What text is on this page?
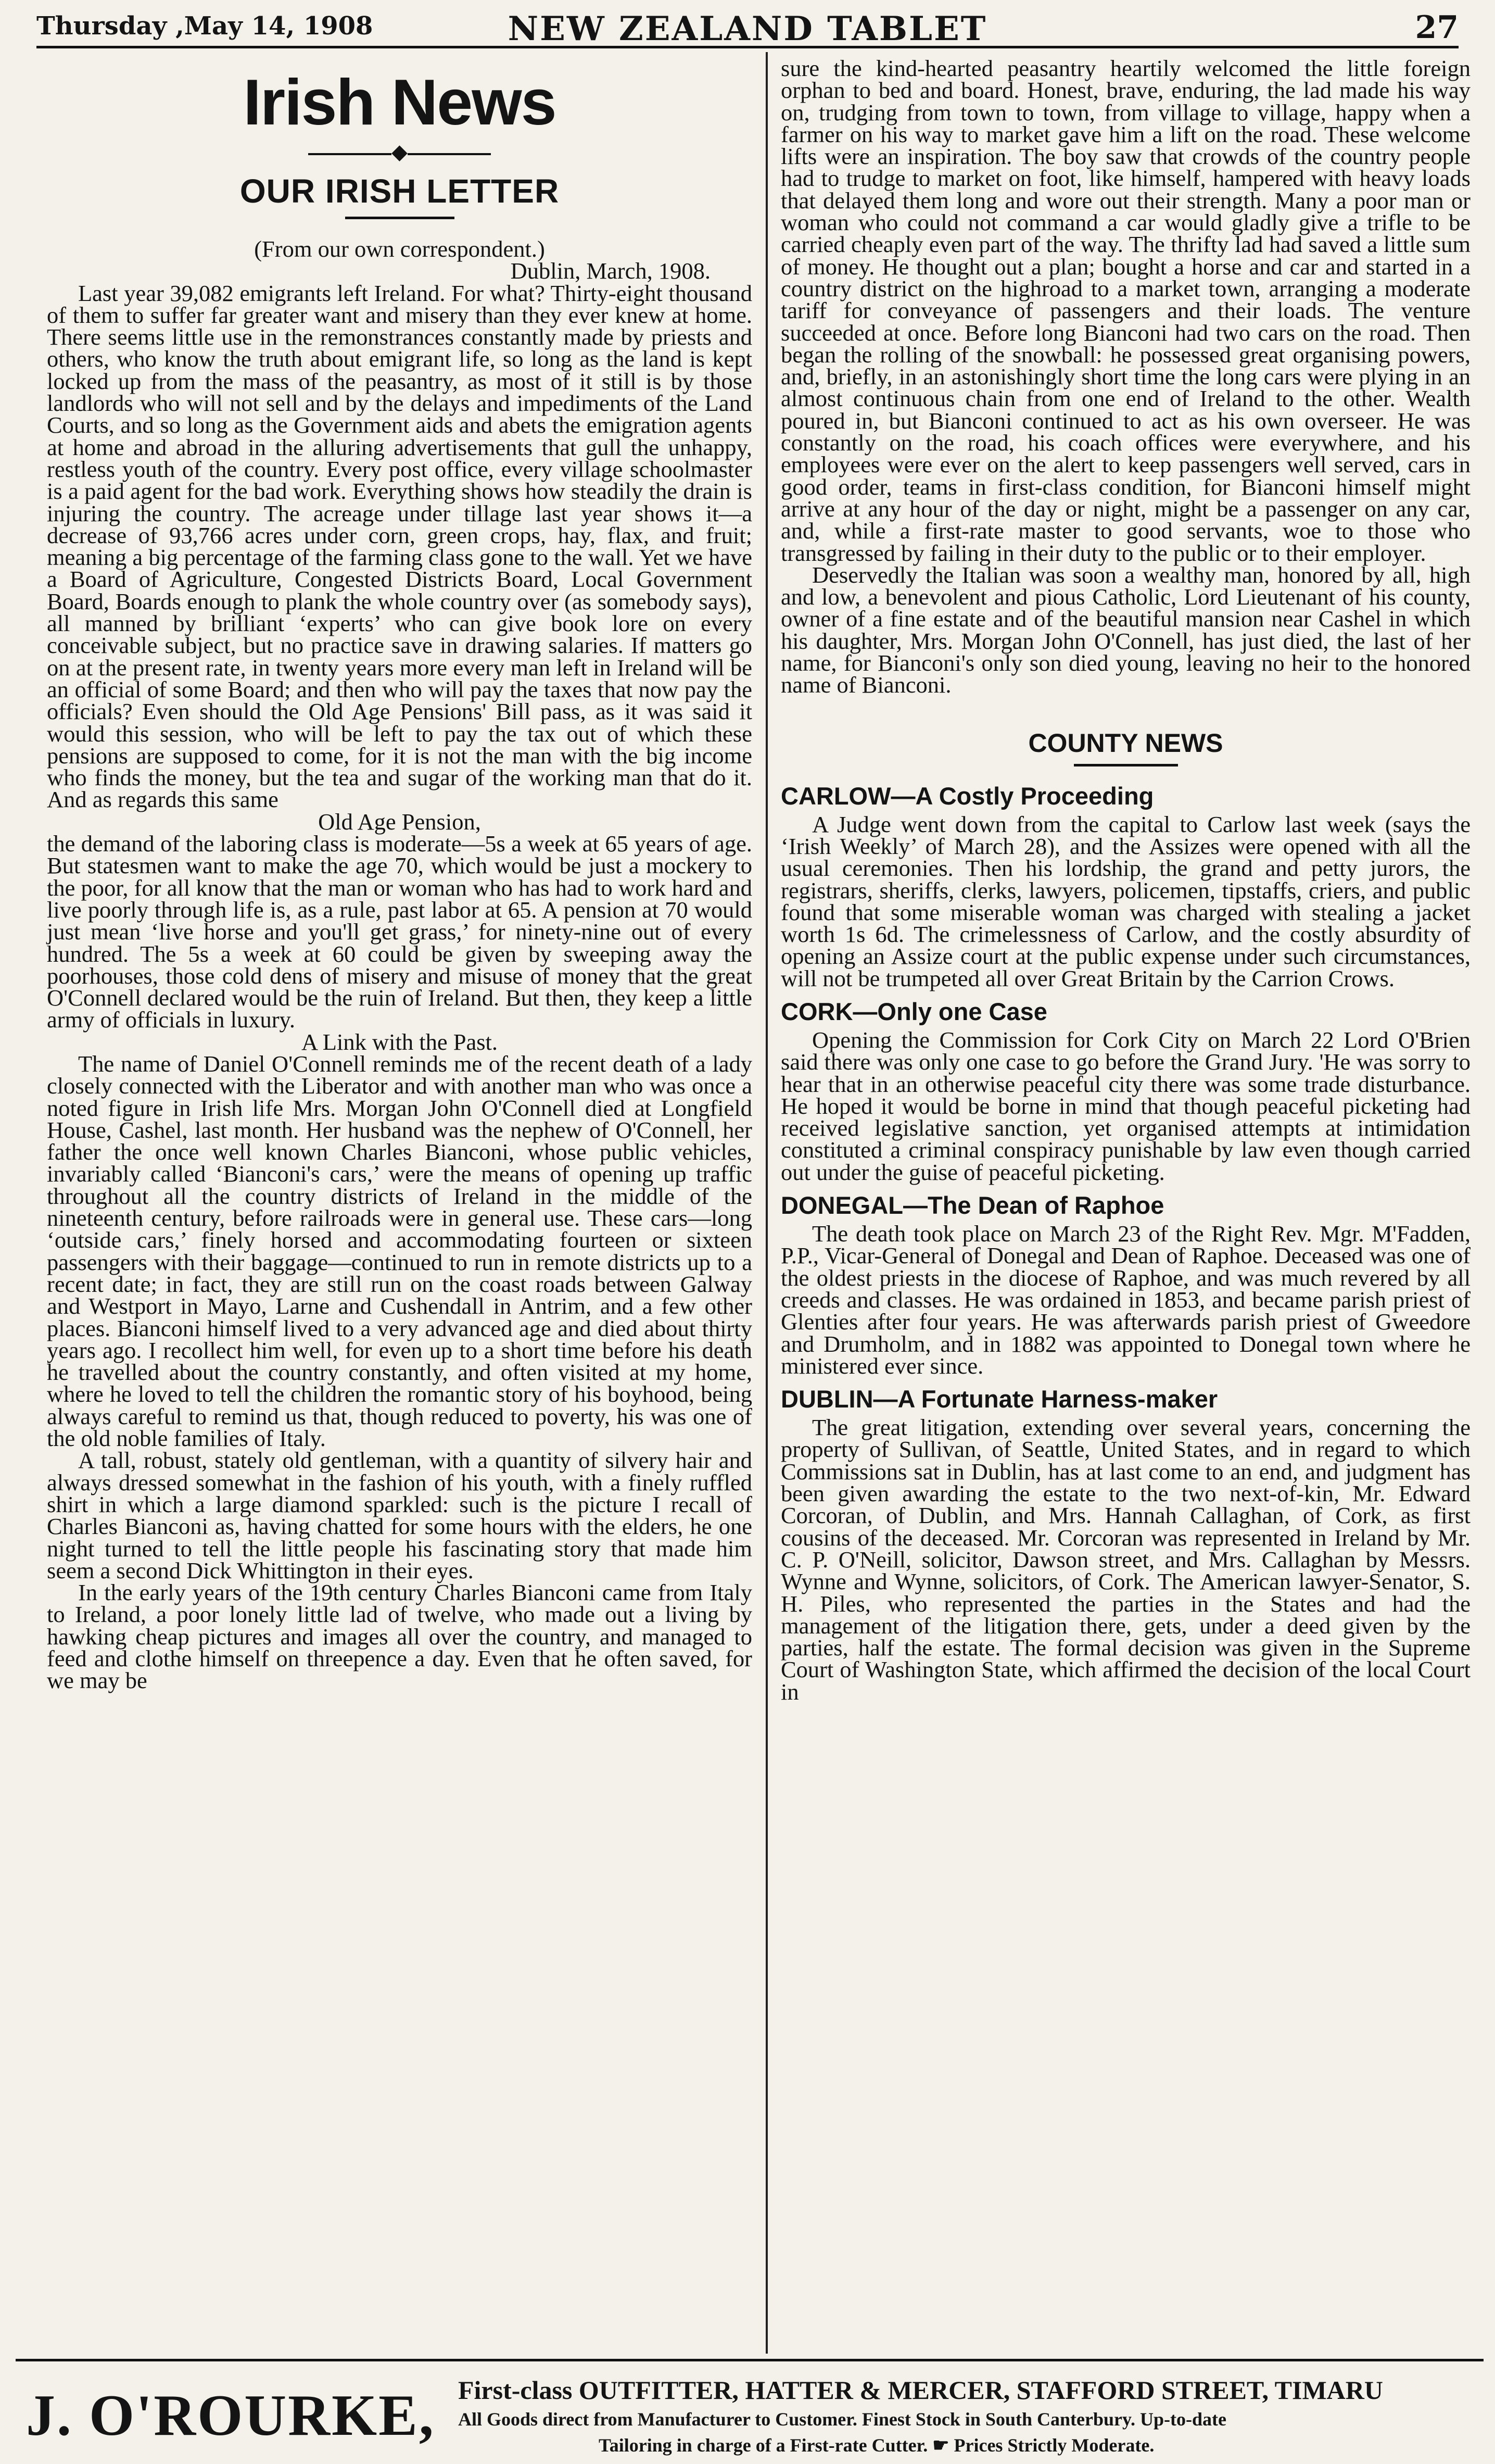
Thursday ,May 14, 1908	NEW ZEALAND TABLET	27
Irish News
◆
OUR IRISH LETTER

(From our own correspondent.)

Dublin, March, 1908.

Last year 39,082 emigrants left Ireland. For what? Thirty-eight thousand of them to suffer far greater want and misery than they ever knew at home. There seems little use in the remonstrances constantly made by priests and others, who know the truth about emigrant life, so long as the land is kept locked up from the mass of the peasantry, as most of it still is by those landlords who will not sell and by the delays and impediments of the Land Courts, and so long as the Government aids and abets the emigration agents at home and abroad in the alluring advertisements that gull the unhappy, restless youth of the country. Every post office, every village schoolmaster is a paid agent for the bad work. Everything shows how steadily the drain is injuring the country. The acreage under tillage last year shows it—a decrease of 93,766 acres under corn, green crops, hay, flax, and fruit; meaning a big percentage of the farming class gone to the wall. Yet we have a Board of Agriculture, Congested Districts Board, Local Government Board, Boards enough to plank the whole country over (as somebody says), all manned by brilliant ‘experts’ who can give book lore on every conceivable subject, but no practice save in drawing salaries. If matters go on at the present rate, in twenty years more every man left in Ireland will be an official of some Board; and then who will pay the taxes that now pay the officials? Even should the Old Age Pensions' Bill pass, as it was said it would this session, who will be left to pay the tax out of which these pensions are supposed to come, for it is not the man with the big income who finds the money, but the tea and sugar of the working man that do it. And as regards this same

Old Age Pension,

the demand of the laboring class is moderate—5s a week at 65 years of age. But statesmen want to make the age 70, which would be just a mockery to the poor, for all know that the man or woman who has had to work hard and live poorly through life is, as a rule, past labor at 65. A pension at 70 would just mean ‘live horse and you'll get grass,’ for ninety-nine out of every hundred. The 5s a week at 60 could be given by sweeping away the poorhouses, those cold dens of misery and misuse of money that the great O'Connell declared would be the ruin of Ireland. But then, they keep a little army of officials in luxury.

A Link with the Past.

The name of Daniel O'Connell reminds me of the recent death of a lady closely connected with the Liberator and with another man who was once a noted figure in Irish life Mrs. Morgan John O'Connell died at Longfield House, Cashel, last month. Her husband was the nephew of O'Connell, her father the once well known Charles Bianconi, whose public vehicles, invariably called ‘Bianconi's cars,’ were the means of opening up traffic throughout all the country districts of Ireland in the middle of the nineteenth century, before railroads were in general use. These cars—long ‘outside cars,’ finely horsed and accommodating fourteen or sixteen passengers with their baggage—continued to run in remote districts up to a recent date; in fact, they are still run on the coast roads between Galway and Westport in Mayo, Larne and Cushendall in Antrim, and a few other places. Bianconi himself lived to a very advanced age and died about thirty years ago. I recollect him well, for even up to a short time before his death he travelled about the country constantly, and often visited at my home, where he loved to tell the children the romantic story of his boyhood, being always careful to remind us that, though reduced to poverty, his was one of the old noble families of Italy.

A tall, robust, stately old gentleman, with a quantity of silvery hair and always dressed somewhat in the fashion of his youth, with a finely ruffled shirt in which a large diamond sparkled: such is the picture I recall of Charles Bianconi as, having chatted for some hours with the elders, he one night turned to tell the little people his fascinating story that made him seem a second Dick Whittington in their eyes.

In the early years of the 19th century Charles Bianconi came from Italy to Ireland, a poor lonely little lad of twelve, who made out a living by hawking cheap pictures and images all over the country, and managed to feed and clothe himself on threepence a day. Even that he often saved, for we may be

sure the kind-hearted peasantry heartily welcomed the little foreign orphan to bed and board. Honest, brave, enduring, the lad made his way on, trudging from town to town, from village to village, happy when a farmer on his way to market gave him a lift on the road. These welcome lifts were an inspiration. The boy saw that crowds of the country people had to trudge to market on foot, like himself, hampered with heavy loads that delayed them long and wore out their strength. Many a poor man or woman who could not command a car would gladly give a trifle to be carried cheaply even part of the way. The thrifty lad had saved a little sum of money. He thought out a plan; bought a horse and car and started in a country district on the highroad to a market town, arranging a moderate tariff for conveyance of passengers and their loads. The venture succeeded at once. Before long Bianconi had two cars on the road. Then began the rolling of the snowball: he possessed great organising powers, and, briefly, in an astonishingly short time the long cars were plying in an almost continuous chain from one end of Ireland to the other. Wealth poured in, but Bianconi continued to act as his own overseer. He was constantly on the road, his coach offices were everywhere, and his employees were ever on the alert to keep passengers well served, cars in good order, teams in first-class condition, for Bianconi himself might arrive at any hour of the day or night, might be a passenger on any car, and, while a first-rate master to good servants, woe to those who transgressed by failing in their duty to the public or to their employer.

Deservedly the Italian was soon a wealthy man, honored by all, high and low, a benevolent and pious Catholic, Lord Lieutenant of his county, owner of a fine estate and of the beautiful mansion near Cashel in which his daughter, Mrs. Morgan John O'Connell, has just died, the last of her name, for Bianconi's only son died young, leaving no heir to the honored name of Bianconi.

COUNTY NEWS
CARLOW—A Costly Proceeding

A Judge went down from the capital to Carlow last week (says the ‘Irish Weekly’ of March 28), and the Assizes were opened with all the usual ceremonies. Then his lordship, the grand and petty jurors, the registrars, sheriffs, clerks, lawyers, policemen, tipstaffs, criers, and public found that some miserable woman was charged with stealing a jacket worth 1s 6d. The crimelessness of Carlow, and the costly absurdity of opening an Assize court at the public expense under such circumstances, will not be trumpeted all over Great Britain by the Carrion Crows.

CORK—Only one Case

Opening the Commission for Cork City on March 22 Lord O'Brien said there was only one case to go before the Grand Jury. 'He was sorry to hear that in an otherwise peaceful city there was some trade disturbance. He hoped it would be borne in mind that though peaceful picketing had received legislative sanction, yet organised attempts at intimidation constituted a criminal conspiracy punishable by law even though carried out under the guise of peaceful picketing.

DONEGAL—The Dean of Raphoe

The death took place on March 23 of the Right Rev. Mgr. M'Fadden, P.P., Vicar-General of Donegal and Dean of Raphoe. Deceased was one of the oldest priests in the diocese of Raphoe, and was much revered by all creeds and classes. He was ordained in 1853, and became parish priest of Glenties after four years. He was afterwards parish priest of Gweedore and Drumholm, and in 1882 was appointed to Donegal town where he ministered ever since.

DUBLIN—A Fortunate Harness-maker

The great litigation, extending over several years, concerning the property of Sullivan, of Seattle, United States, and in regard to which Commissions sat in Dublin, has at last come to an end, and judgment has been given awarding the estate to the two next-of-kin, Mr. Edward Corcoran, of Dublin, and Mrs. Hannah Callaghan, of Cork, as first cousins of the deceased. Mr. Corcoran was represented in Ireland by Mr. C. P. O'Neill, solicitor, Dawson street, and Mrs. Callaghan by Messrs. Wynne and Wynne, solicitors, of Cork. The American lawyer-Senator, S. H. Piles, who represented the parties in the States and had the management of the litigation there, gets, under a deed given by the parties, half the estate. The formal decision was given in the Supreme Court of Washington State, which affirmed the decision of the local Court in

J. O'ROURKE, First-class OUTFITTER, HATTER & MERCER, STAFFORD STREET, TIMARU
All Goods direct from Manufacturer to Customer. Finest Stock in South Canterbury. Up-to-date
Tailoring in charge of a First-rate Cutter. ☛ Prices Strictly Moderate.
